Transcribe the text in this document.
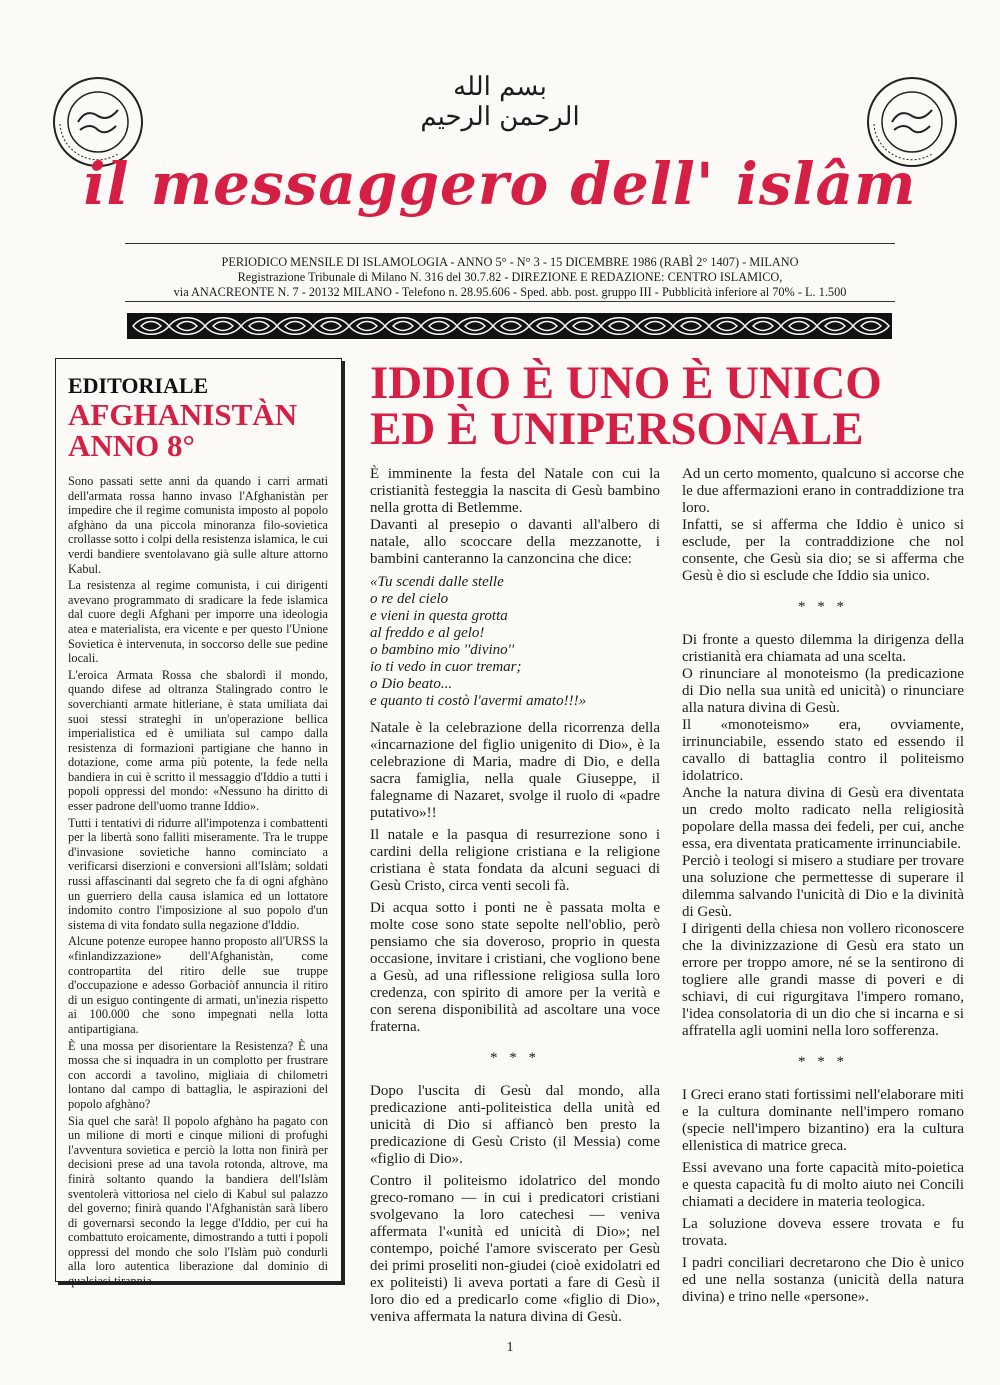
بسم الله الرحمن الرحيم
il messaggero dell' islâm
PERIODICO MENSILE DI ISLAMOLOGIA - ANNO 5° - N° 3 - 15 DICEMBRE 1986 (RABÌ 2° 1407) - MILANO
Registrazione Tribunale di Milano N. 316 del 30.7.82 - DIREZIONE E REDAZIONE: CENTRO ISLAMICO,
via ANACREONTE N. 7 - 20132 MILANO - Telefono n. 28.95.606 - Sped. abb. post. gruppo III - Pubblicità inferiore al 70% - L. 1.500
EDITORIALE
AFGHANISTÀN
ANNO 8°

Sono passati sette anni da quando i carri armati dell'armata rossa hanno invaso l'Afghanistàn per impedire che il regime comunista imposto al popolo afghàno da una piccola minoranza filo-sovietica crollasse sotto i colpi della resistenza islamica, le cui verdi bandiere sventolavano già sulle alture attorno Kabul.

La resistenza al regime comunista, i cui dirigenti avevano programmato di sradicare la fede islamica dal cuore degli Afghani per imporre una ideologia atea e materialista, era vicente e per questo l'Unione Sovietica è intervenuta, in soccorso delle sue pedine locali.

L'eroica Armata Rossa che sbalordì il mondo, quando difese ad oltranza Stalingrado contro le soverchianti armate hitleriane, è stata umiliata dai suoi stessi strateghi in un'operazione bellica imperialistica ed è umiliata sul campo dalla resistenza di formazioni partigiane che hanno in dotazione, come arma più potente, la fede nella bandiera in cui è scritto il messaggio d'Iddio a tutti i popoli oppressi del mondo: «Nessuno ha diritto di esser padrone dell'uomo tranne Iddio».

Tutti i tentativi di ridurre all'impotenza i combattenti per la libertà sono falliti miseramente. Tra le truppe d'invasione sovietiche hanno cominciato a verificarsi diserzioni e conversioni all'Islàm; soldati russi affascinanti dal segreto che fa di ogni afghàno un guerriero della causa islamica ed un lottatore indomito contro l'imposizione al suo popolo d'un sistema di vita fondato sulla negazione d'Iddio.

Alcune potenze europee hanno proposto all'URSS la «finlandizzazione» dell'Afghanistàn, come contropartita del ritiro delle sue truppe d'occupazione e adesso Gorbaciòf annuncia il ritiro di un esiguo contingente di armati, un'inezia rispetto ai 100.000 che sono impegnati nella lotta antipartigiana.

È una mossa per disorientare la Resistenza? È una mossa che si inquadra in un complotto per frustrare con accordi a tavolino, migliaia di chilometri lontano dal campo di battaglia, le aspirazioni del popolo afghàno?

Sia quel che sarà! Il popolo afghàno ha pagato con un milione di morti e cinque milioni di profughi l'avventura sovietica e perciò la lotta non finirà per decisioni prese ad una tavola rotonda, altrove, ma finirà soltanto quando la bandiera dell'Islàm sventolerà vittoriosa nel cielo di Kabul sul palazzo del governo; finirà quando l'Afghanistàn sarà libero di governarsi secondo la legge d'Iddio, per cui ha combattuto eroicamente, dimostrando a tutti i popoli oppressi del mondo che solo l'Islàm può condurli alla loro autentica liberazione dal dominio di qualsiasi tirannia.

IDDIO È UNO È UNICO
ED È UNIPERSONALE

È imminente la festa del Natale con cui la cristianità festeggia la nascita di Gesù bambino nella grotta di Betlemme.

Davanti al presepio o davanti all'albero di natale, allo scoccare della mezzanotte, i bambini canteranno la canzoncina che dice:

«Tu scendi dalle stelle
o re del cielo
e vieni in questa grotta
al freddo e al gelo!
o bambino mio ''divino''
io ti vedo in cuor tremar;
o Dio beato...
e quanto ti costò l'avermi amato!!!»

Natale è la celebrazione della ricorrenza della «incarnazione del figlio unigenito di Dio», è la celebrazione di Maria, madre di Dio, e della sacra famiglia, nella quale Giuseppe, il falegname di Nazaret, svolge il ruolo di «padre putativo»!!

Il natale e la pasqua di resurrezione sono i cardini della religione cristiana e la religione cristiana è stata fondata da alcuni seguaci di Gesù Cristo, circa venti secoli fà.

Di acqua sotto i ponti ne è passata molta e molte cose sono state sepolte nell'oblio, però pensiamo che sia doveroso, proprio in questa occasione, invitare i cristiani, che vogliono bene a Gesù, ad una riflessione religiosa sulla loro credenza, con spirito di amore per la verità e con serena disponibilità ad ascoltare una voce fraterna.

* * *

Dopo l'uscita di Gesù dal mondo, alla predicazione anti-politeistica della unità ed unicità di Dio si affiancò ben presto la predicazione di Gesù Cristo (il Messia) come «figlio di Dio».

Contro il politeismo idolatrico del mondo greco-romano — in cui i predicatori cristiani svolgevano la loro catechesi — veniva affermata l'«unità ed unicità di Dio»; nel contempo, poiché l'amore sviscerato per Gesù dei primi proseliti non-giudei (cioè exidolatri ed ex politeisti) li aveva portati a fare di Gesù il loro dio ed a predicarlo come «figlio di Dio», veniva affermata la natura divina di Gesù.

Ad un certo momento, qualcuno si accorse che le due affermazioni erano in contraddizione tra loro.

Infatti, se si afferma che Iddio è unico si esclude, per la contraddizione che nol consente, che Gesù sia dio; se si afferma che Gesù è dio si esclude che Iddio sia unico.

* * *

Di fronte a questo dilemma la dirigenza della cristianità era chiamata ad una scelta.

O rinunciare al monoteismo (la predicazione di Dio nella sua unità ed unicità) o rinunciare alla natura divina di Gesù.

Il «monoteismo» era, ovviamente, irrinunciabile, essendo stato ed essendo il cavallo di battaglia contro il politeismo idolatrico.

Anche la natura divina di Gesù era diventata un credo molto radicato nella religiosità popolare della massa dei fedeli, per cui, anche essa, era diventata praticamente irrinunciabile.

Perciò i teologi si misero a studiare per trovare una soluzione che permettesse di superare il dilemma salvando l'unicità di Dio e la divinità di Gesù.

I dirigenti della chiesa non vollero riconoscere che la divinizzazione di Gesù era stato un errore per troppo amore, né se la sentirono di togliere alle grandi masse di poveri e di schiavi, di cui rigurgitava l'impero romano, l'idea consolatoria di un dio che si incarna e si affratella agli uomini nella loro sofferenza.

* * *

I Greci erano stati fortissimi nell'elaborare miti e la cultura dominante nell'impero romano (specie nell'impero bizantino) era la cultura ellenistica di matrice greca.

Essi avevano una forte capacità mito-poietica e questa capacità fu di molto aiuto nei Concili chiamati a decidere in materia teologica.

La soluzione doveva essere trovata e fu trovata.

I padri conciliari decretarono che Dio è unico ed une nella sostanza (unicità della natura divina) e trino nelle «persone».

1
